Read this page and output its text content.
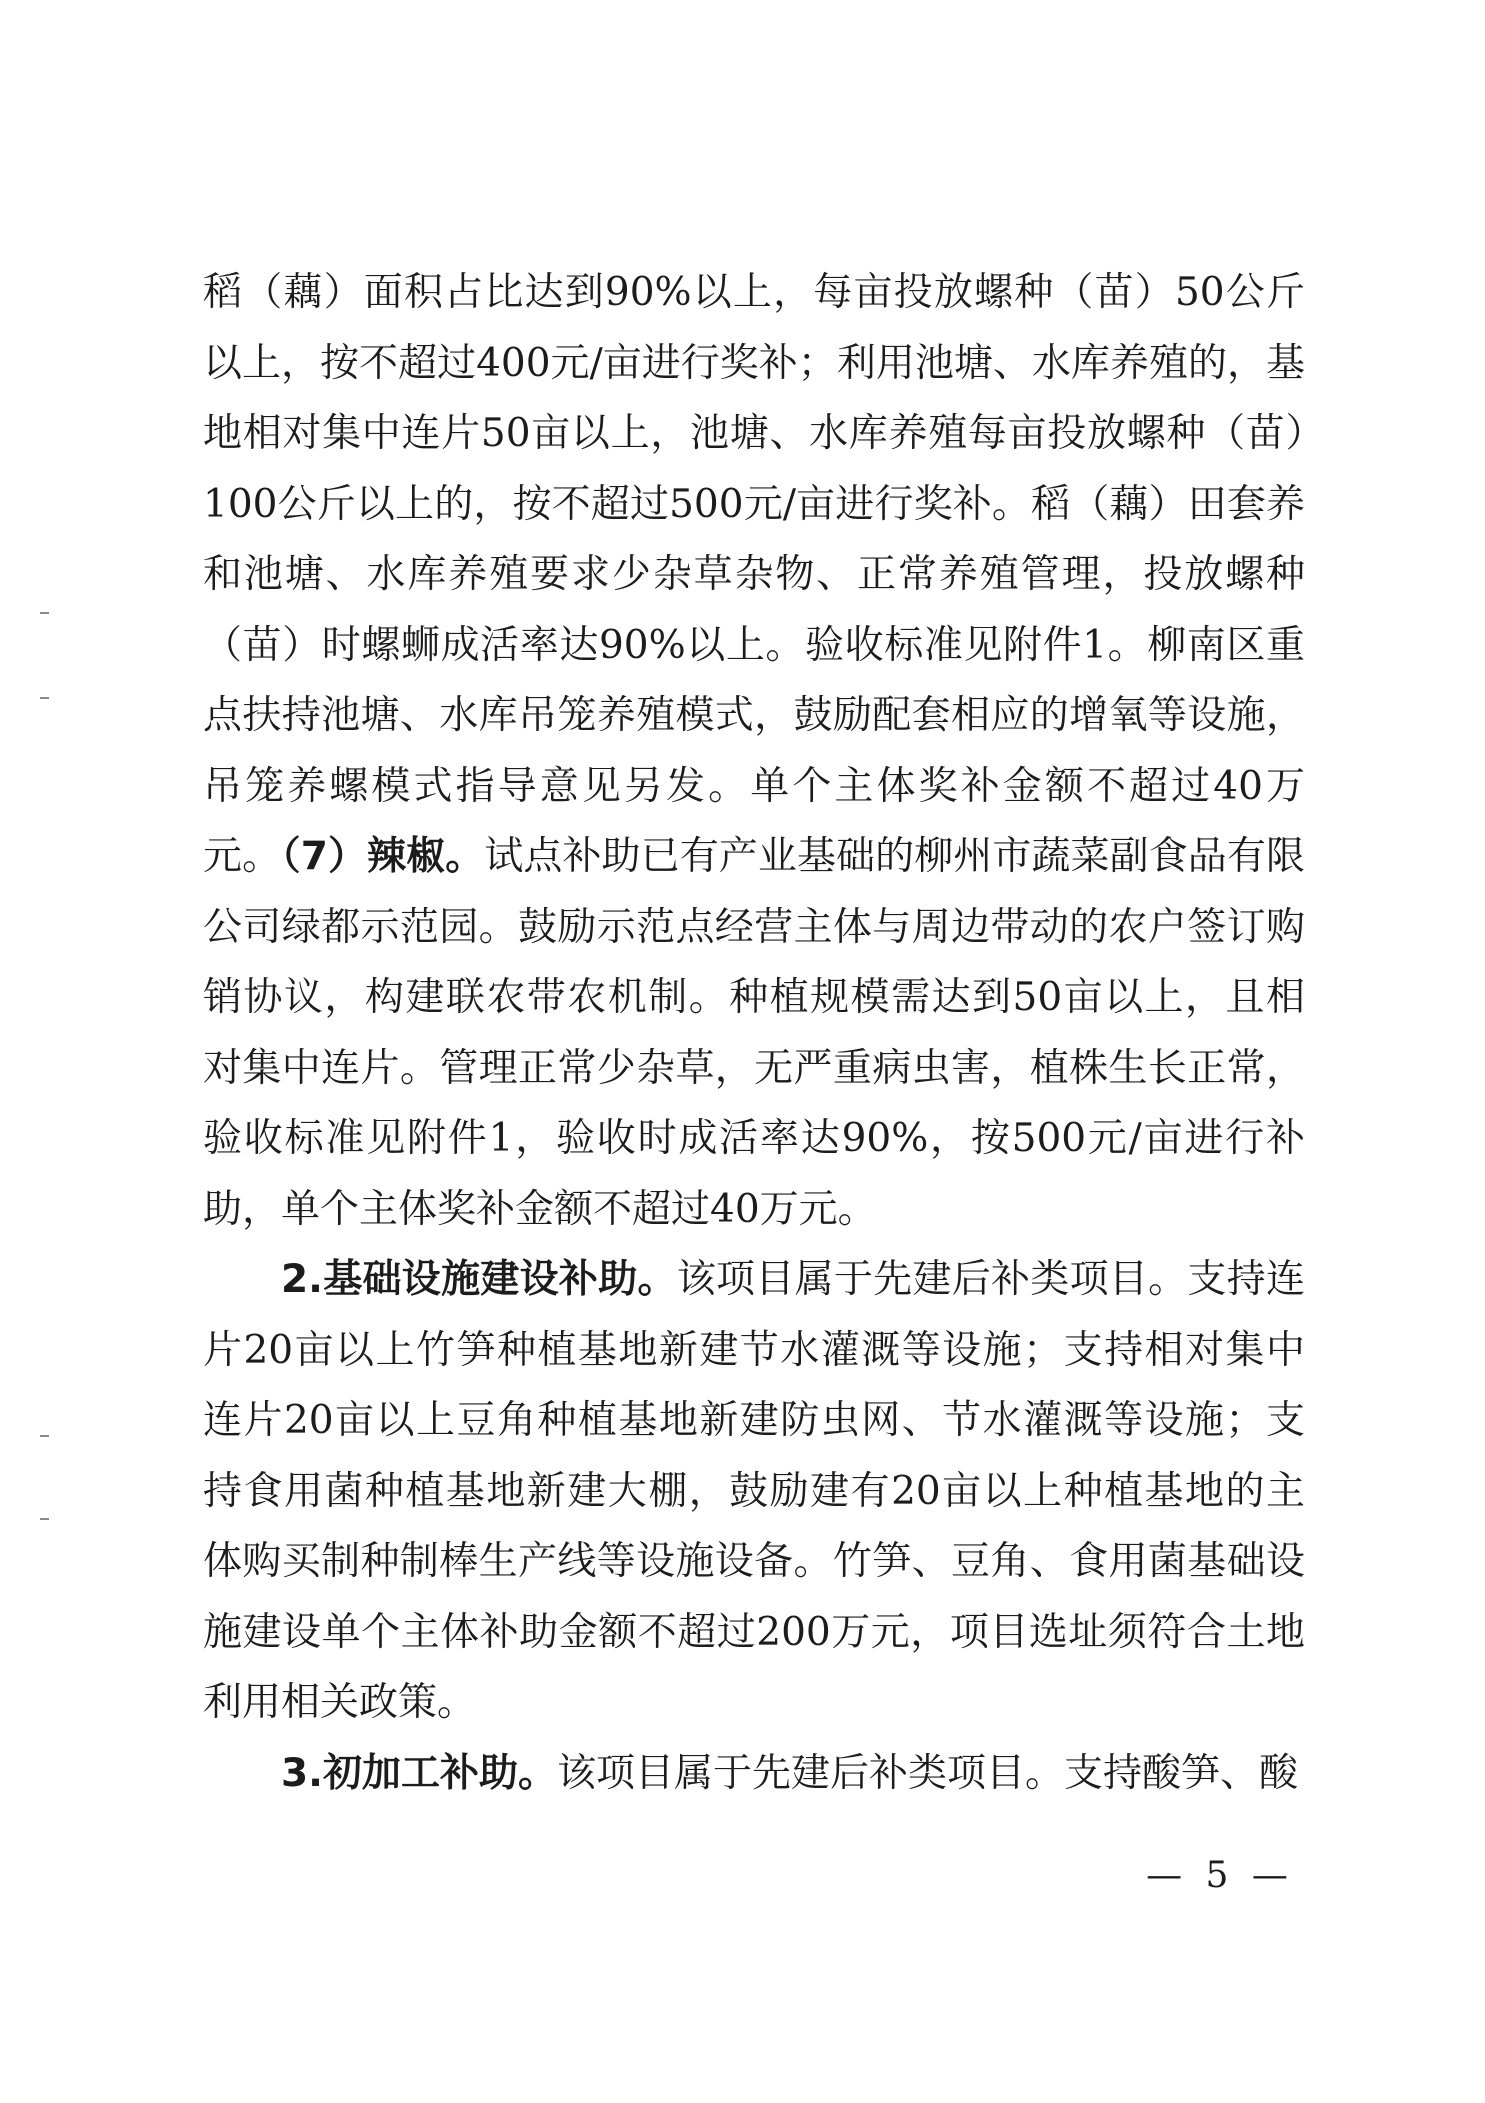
稻（藕）面积占比达到90%以上，每亩投放螺种（苗）50公斤以上，按不超过400元/亩进行奖补；利用池塘、水库养殖的，基地相对集中连片50亩以上，池塘、水库养殖每亩投放螺种（苗）100公斤以上的，按不超过500元/亩进行奖补。稻（藕）田套养和池塘、水库养殖要求少杂草杂物、正常养殖管理，投放螺种（苗）时螺蛳成活率达90%以上。验收标准见附件1。柳南区重点扶持池塘、水库吊笼养殖模式，鼓励配套相应的增氧等设施，吊笼养螺模式指导意见另发。单个主体奖补金额不超过40万元。（7）辣椒。试点补助已有产业基础的柳州市蔬菜副食品有限公司绿都示范园。鼓励示范点经营主体与周边带动的农户签订购销协议，构建联农带农机制。种植规模需达到50亩以上，且相对集中连片。管理正常少杂草，无严重病虫害，植株生长正常，验收标准见附件1，验收时成活率达90%，按500元/亩进行补助，单个主体奖补金额不超过40万元。

2.基础设施建设补助。该项目属于先建后补类项目。支持连片20亩以上竹笋种植基地新建节水灌溉等设施；支持相对集中连片20亩以上豆角种植基地新建防虫网、节水灌溉等设施；支持食用菌种植基地新建大棚，鼓励建有20亩以上种植基地的主体购买制种制棒生产线等设施设备。竹笋、豆角、食用菌基础设施建设单个主体补助金额不超过200万元，项目选址须符合土地利用相关政策。

3.初加工补助。该项目属于先建后补类项目。支持酸笋、酸

— 5 —
